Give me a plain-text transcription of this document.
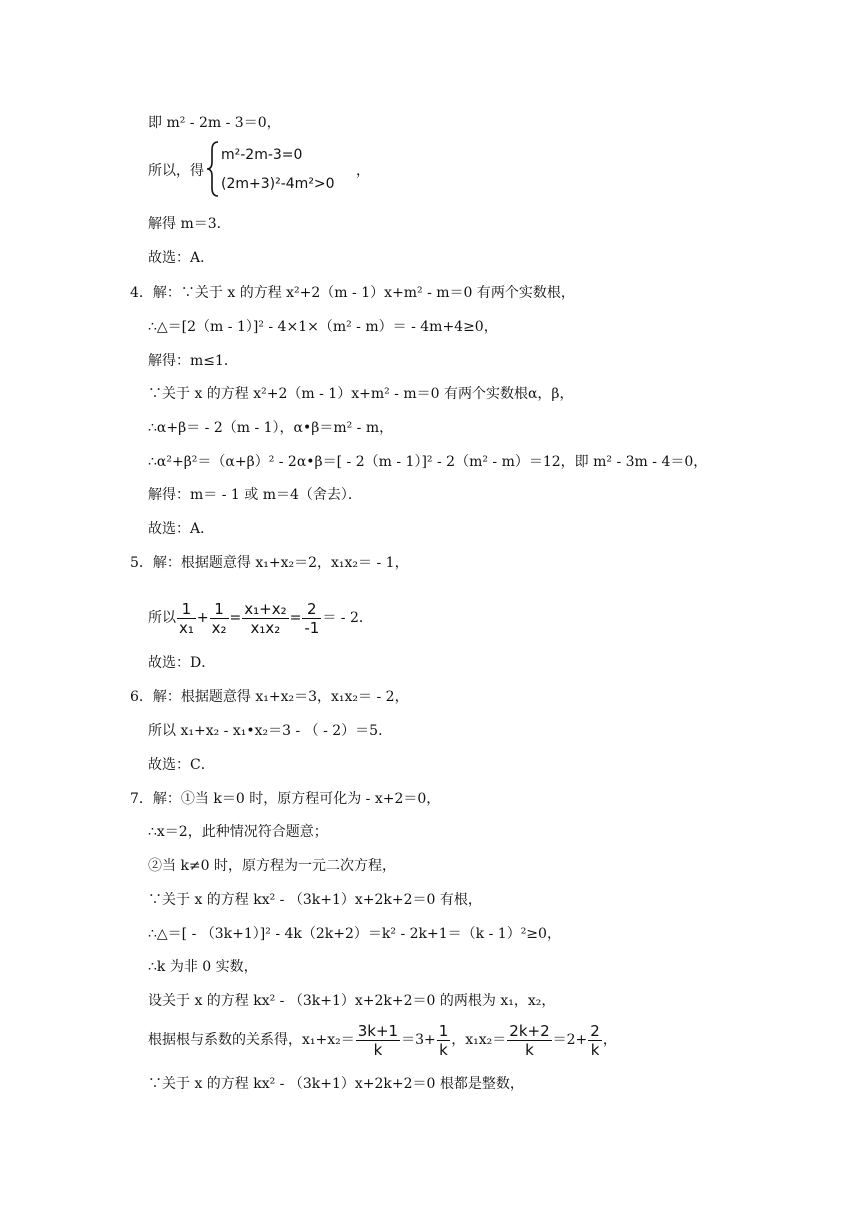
即 m² - 2m - 3＝0，
所以，得
m²-2m-3=0
(2m+3)²-4m²>0
，
解得 m＝3．
故选：A．
4．解：∵关于 x 的方程 x²+2（m - 1）x+m² - m＝0 有两个实数根，
∴△＝[2（m - 1）]² - 4×1×（m² - m）＝ - 4m+4≥0，
解得：m≤1．
∵关于 x 的方程 x²+2（m - 1）x+m² - m＝0 有两个实数根α，β，
∴α+β＝ - 2（m - 1），α•β＝m² - m，
∴α²+β²＝（α+β）² - 2α•β＝[ - 2（m - 1）]² - 2（m² - m）＝12，即 m² - 3m - 4＝0，
解得：m＝ - 1 或 m＝4（舍去）．
故选：A．
5．解：根据题意得 x₁+x₂＝2，x₁x₂＝ - 1，
所以 $\frac{1}{\text{x₁}} + \frac{1}{\text{x₂}} = \frac{\text{x₁+x₂}}{\text{x₁x₂}} = \frac{2}{-1}$ ＝ - 2．
故选：D．
6．解：根据题意得 x₁+x₂＝3，x₁x₂＝ - 2，
所以 x₁+x₂ - x₁•x₂＝3 - （ - 2）＝5．
故选：C．
7．解：①当 k＝0 时，原方程可化为 - x+2＝0，
∴x＝2，此种情况符合题意；
②当 k≠0 时，原方程为一元二次方程，
∵关于 x 的方程 kx² - （3k+1）x+2k+2＝0 有根，
∴△＝[ - （3k+1）]² - 4k（2k+2）＝k² - 2k+1＝（k - 1）²≥0，
∴k 为非 0 实数，
设关于 x 的方程 kx² - （3k+1）x+2k+2＝0 的两根为 x₁，x₂，
根据根与系数的关系得，$x_1+x_2= \frac{3k+1}{k} =3+ \frac{1}{k}$ ，$x_1x_2= \frac{2k+2}{k} =2+ \frac{2}{k}$ ，
∵关于 x 的方程 kx² - （3k+1）x+2k+2＝0 根都是整数，
